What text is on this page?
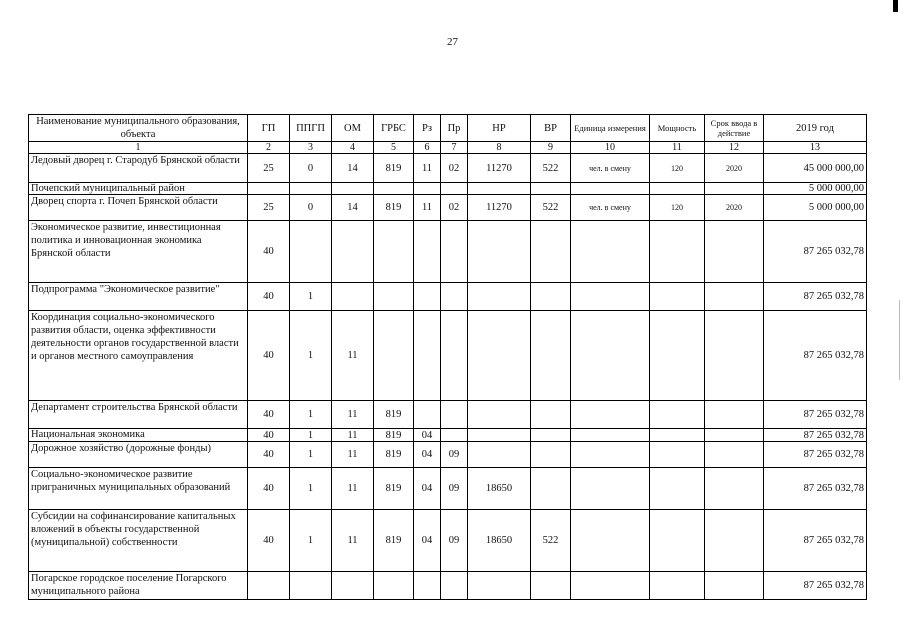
27
Наименование муниципального образования, объекта	ГП	ППГП	ОМ	ГРБС	Рз	Пр	НР	ВР	Единица измерения	Мощность	Срок ввода в действие	2019 год
1	2	3	4	5	6	7	8	9	10	11	12	13
Ледовый дворец г. Стародуб Брянской области	25	0	14	819	11	02	11270	522	чел. в смену	120	2020	45 000 000,00
Почепский муниципальный район												5 000 000,00
Дворец спорта г. Почеп Брянской области	25	0	14	819	11	02	11270	522	чел. в смену	120	2020	5 000 000,00
Экономическое развитие, инвестиционная политика и инновационная экономика Брянской области	40											87 265 032,78
Подпрограмма "Экономическое развитие"	40	1										87 265 032,78
Координация социально-экономического развития области, оценка эффективности деятельности органов государственной власти и органов местного самоуправления	40	1	11									87 265 032,78
Департамент строительства Брянской области	40	1	11	819								87 265 032,78
Национальная экономика	40	1	11	819	04							87 265 032,78
Дорожное хозяйство (дорожные фонды)	40	1	11	819	04	09						87 265 032,78
Социально-экономическое развитие приграничных муниципальных образований	40	1	11	819	04	09	18650					87 265 032,78
Субсидии на софинансирование капитальных вложений в объекты государственной (муниципальной) собственности	40	1	11	819	04	09	18650	522				87 265 032,78
Погарское городское поселение Погарского муниципального района												87 265 032,78
